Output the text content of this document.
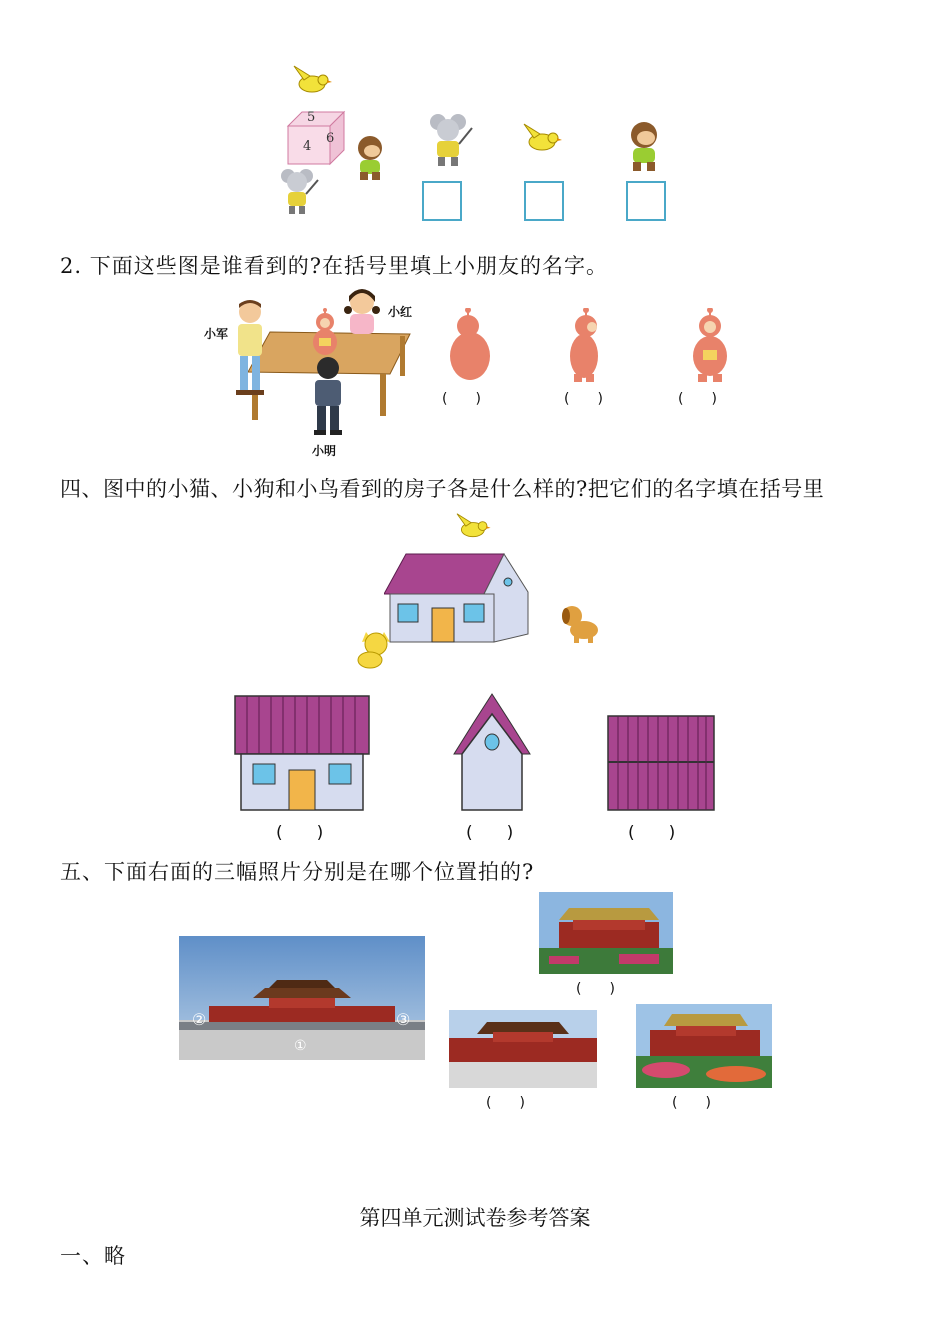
5
4
6
2. 下面这些图是谁看到的?在括号里填上小朋友的名字。
小军
小红
小明
(　　)	(　　)	(　　)
四、图中的小猫、小狗和小鸟看到的房子各是什么样的?把它们的名字填在括号里
(　　)	(　　)	(　　)
五、下面右面的三幅照片分别是在哪个位置拍的?
①
②	③
(　　)
(　　)	(　　)
第四单元测试卷参考答案
一、略
